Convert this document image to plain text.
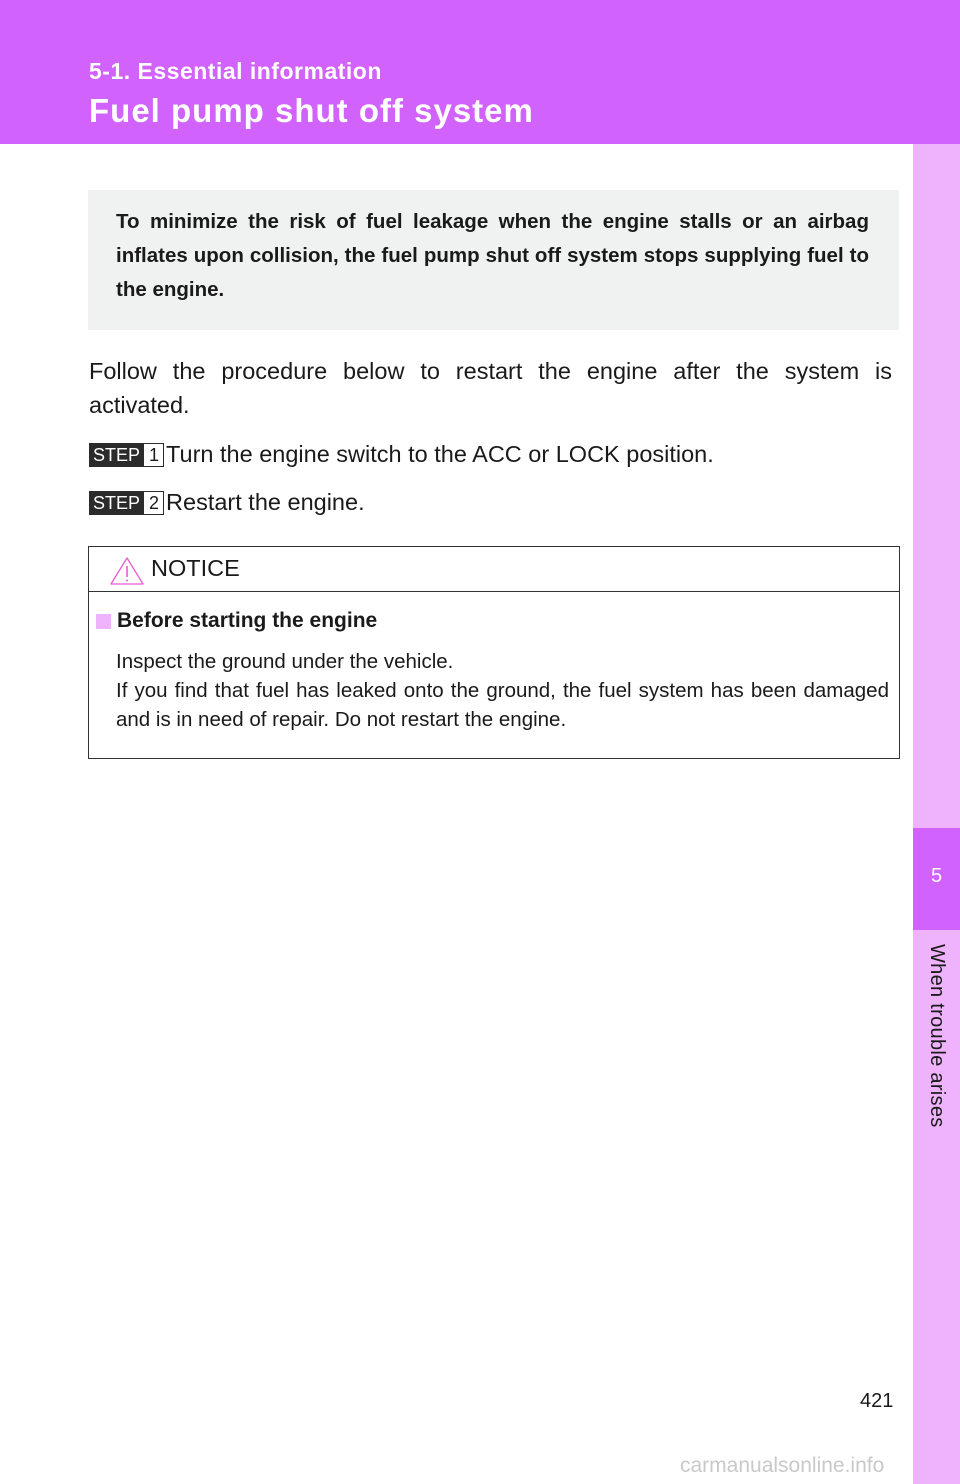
5-1. Essential information
Fuel pump shut off system
5
When trouble arises
To minimize the risk of fuel leakage when the engine stalls or an airbag inflates upon collision, the fuel pump shut off system stops supplying fuel to the engine.
Follow the procedure below to restart the engine after the system is activated.
STEP 1 Turn the engine switch to the ACC or LOCK position.
STEP 2 Restart the engine.
NOTICE
Before starting the engine
Inspect the ground under the vehicle.
If you find that fuel has leaked onto the ground, the fuel system has been damaged and is in need of repair. Do not restart the engine.
421
carmanualsonline.info
